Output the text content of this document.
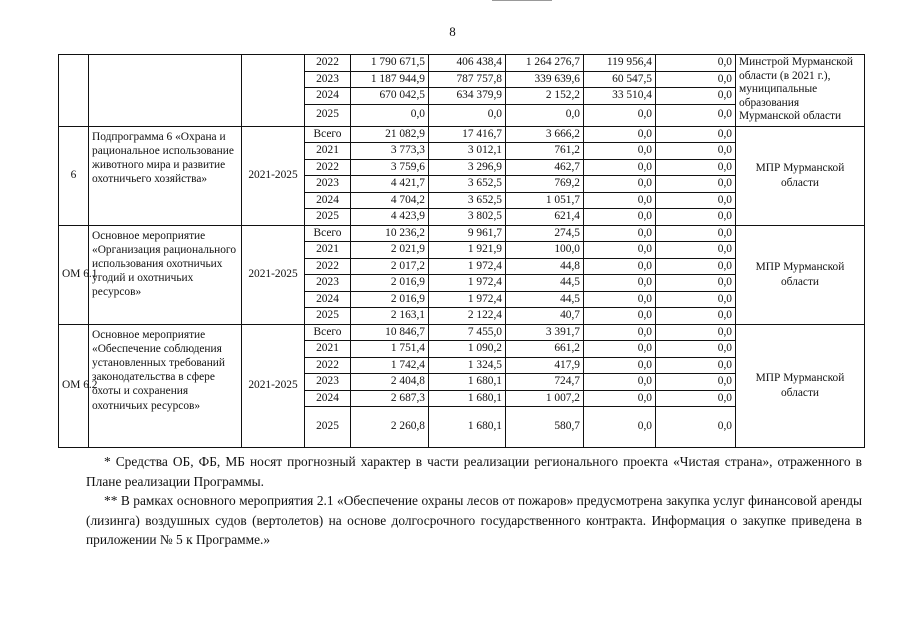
8
			2022	1 790 671,5	406 438,4	1 264 276,7	119 956,4	0,0	Минстрой Мурманской области (в 2021 г.), муниципальные образования Мурманской области
			2023	1 187 944,9	787 757,8	339 639,6	60 547,5	0,0	
			2024	670 042,5	634 379,9	2 152,2	33 510,4	0,0	
			2025	0,0	0,0	0,0	0,0	0,0	
6	Подпрограмма 6 «Охрана и рациональное использование животного мира и развитие охотничьего хозяйства»	2021-2025	Всего	21 082,9	17 416,7	3 666,2	0,0	0,0	МПР Мурманской области
			2021	3 773,3	3 012,1	761,2	0,0	0,0	
			2022	3 759,6	3 296,9	462,7	0,0	0,0	
			2023	4 421,7	3 652,5	769,2	0,0	0,0	
			2024	4 704,2	3 652,5	1 051,7	0,0	0,0	
			2025	4 423,9	3 802,5	621,4	0,0	0,0	
ОМ 6.1	Основное мероприятие «Организация рационального использования охотничьих угодий и охотничьих ресурсов»	2021-2025	Всего	10 236,2	9 961,7	274,5	0,0	0,0	МПР Мурманской области
			2021	2 021,9	1 921,9	100,0	0,0	0,0	
			2022	2 017,2	1 972,4	44,8	0,0	0,0	
			2023	2 016,9	1 972,4	44,5	0,0	0,0	
			2024	2 016,9	1 972,4	44,5	0,0	0,0	
			2025	2 163,1	2 122,4	40,7	0,0	0,0	
ОМ 6.2	Основное мероприятие «Обеспечение соблюдения установленных требований законодательства в сфере охоты и сохранения охотничьих ресурсов»	2021-2025	Всего	10 846,7	7 455,0	3 391,7	0,0	0,0	МПР Мурманской области
			2021	1 751,4	1 090,2	661,2	0,0	0,0	
			2022	1 742,4	1 324,5	417,9	0,0	0,0	
			2023	2 404,8	1 680,1	724,7	0,0	0,0	
			2024	2 687,3	1 680,1	1 007,2	0,0	0,0	
			2025	2 260,8	1 680,1	580,7	0,0	0,0	

* Средства ОБ, ФБ, МБ носят прогнозный характер в части реализации регионального проекта «Чистая страна», отраженного в Плане реализации Программы.

** В рамках основного мероприятия 2.1 «Обеспечение охраны лесов от пожаров» предусмотрена закупка услуг финансовой аренды (лизинга) воздушных судов (вертолетов) на основе долгосрочного государственного контракта. Информация о закупке приведена в приложении № 5 к Программе.»
